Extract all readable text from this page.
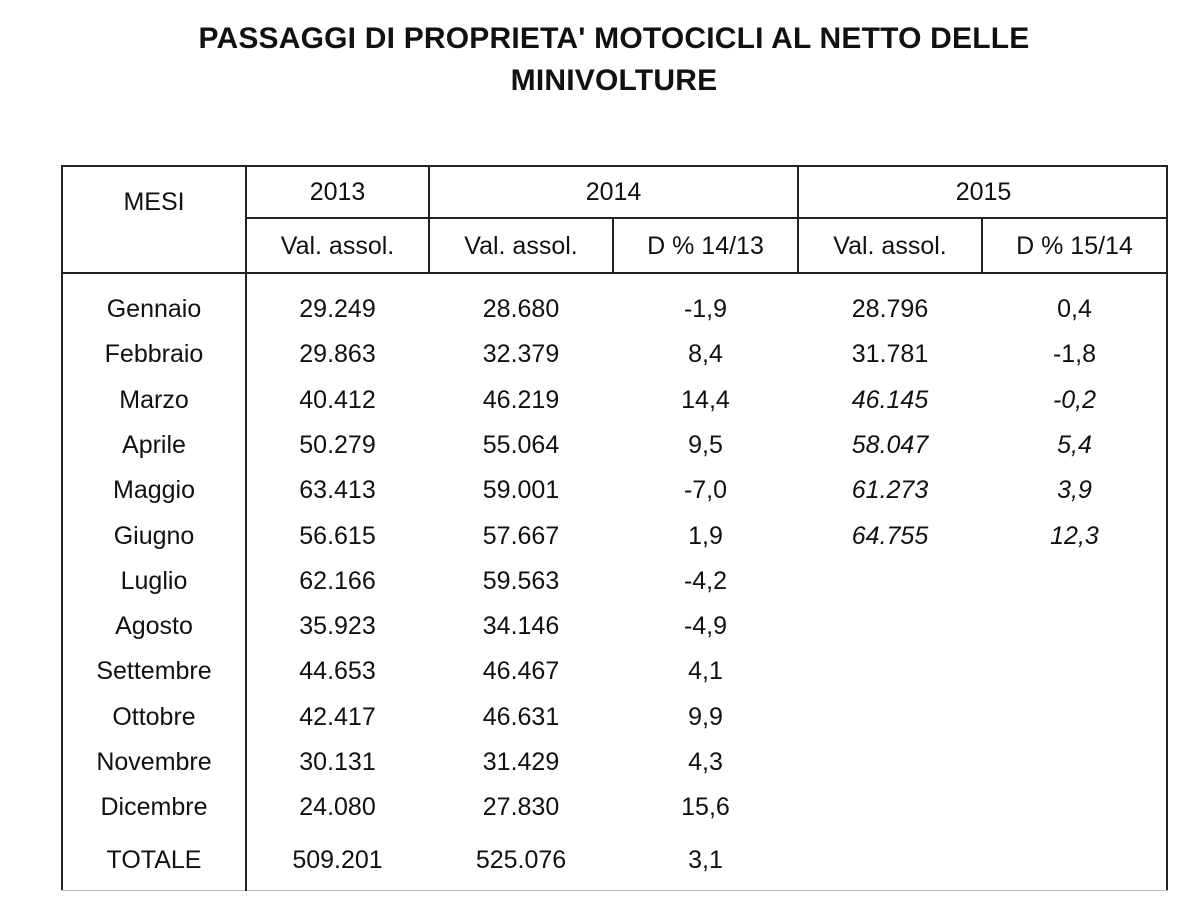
PASSAGGI DI PROPRIETA' MOTOCICLI AL NETTO DELLE
MINIVOLTURE
MESI	2013	2014	2015
Val. assol.	Val. assol.	D % 14/13	Val. assol.	D % 15/14
Gennaio	29.249	28.680	-1,9	28.796	0,4
Febbraio	29.863	32.379	8,4	31.781	-1,8
Marzo	40.412	46.219	14,4	46.145	-0,2
Aprile	50.279	55.064	9,5	58.047	5,4
Maggio	63.413	59.001	-7,0	61.273	3,9
Giugno	56.615	57.667	1,9	64.755	12,3
Luglio	62.166	59.563	-4,2
Agosto	35.923	34.146	-4,9
Settembre	44.653	46.467	4,1
Ottobre	42.417	46.631	9,9
Novembre	30.131	31.429	4,3
Dicembre	24.080	27.830	15,6
TOTALE	509.201	525.076	3,1
